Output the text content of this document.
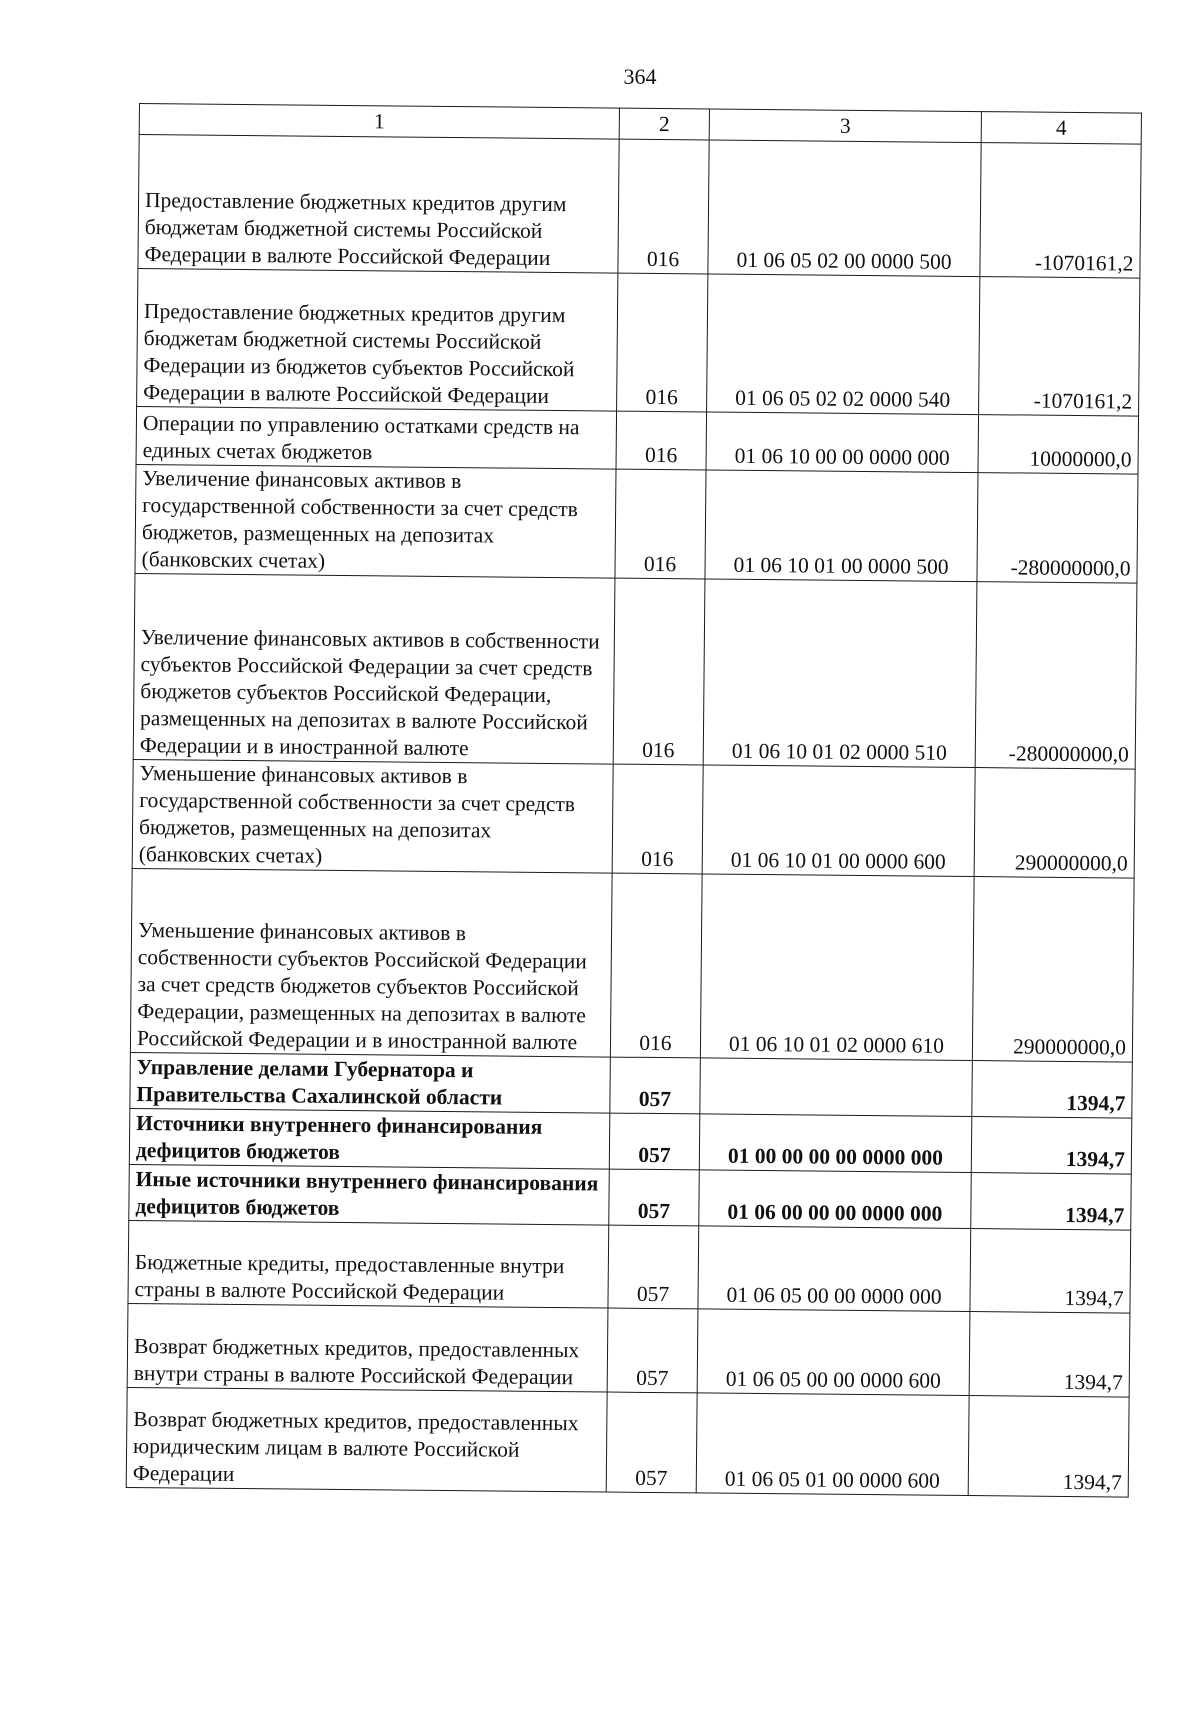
364
1	2	3	4
Предоставление бюджетных кредитов другим бюджетам бюджетной системы Российской Федерации в валюте Российской Федерации	016	01 06 05 02 00 0000 500	-1070161,2
Предоставление бюджетных кредитов другим бюджетам бюджетной системы Российской Федерации из бюджетов субъектов Российской Федерации в валюте Российской Федерации	016	01 06 05 02 02 0000 540	-1070161,2
Операции по управлению остатками средств на единых счетах бюджетов	016	01 06 10 00 00 0000 000	10000000,0
Увеличение финансовых активов в государственной собственности за счет средств бюджетов, размещенных на депозитах (банковских счетах)	016	01 06 10 01 00 0000 500	-280000000,0
Увеличение финансовых активов в собственности субъектов Российской Федерации за счет средств бюджетов субъектов Российской Федерации, размещенных на депозитах в валюте Российской Федерации и в иностранной валюте	016	01 06 10 01 02 0000 510	-280000000,0
Уменьшение финансовых активов в государственной собственности за счет средств бюджетов, размещенных на депозитах (банковских счетах)	016	01 06 10 01 00 0000 600	290000000,0
Уменьшение финансовых активов в собственности субъектов Российской Федерации за счет средств бюджетов субъектов Российской Федерации, размещенных на депозитах в валюте Российской Федерации и в иностранной валюте	016	01 06 10 01 02 0000 610	290000000,0
Управление делами Губернатора и Правительства Сахалинской области	057		1394,7
Источники внутреннего финансирования дефицитов бюджетов	057	01 00 00 00 00 0000 000	1394,7
Иные источники внутреннего финансирования дефицитов бюджетов	057	01 06 00 00 00 0000 000	1394,7
Бюджетные кредиты, предоставленные внутри страны в валюте Российской Федерации	057	01 06 05 00 00 0000 000	1394,7
Возврат бюджетных кредитов, предоставленных внутри страны в валюте Российской Федерации	057	01 06 05 00 00 0000 600	1394,7
Возврат бюджетных кредитов, предоставленных юридическим лицам в валюте Российской Федерации	057	01 06 05 01 00 0000 600	1394,7
